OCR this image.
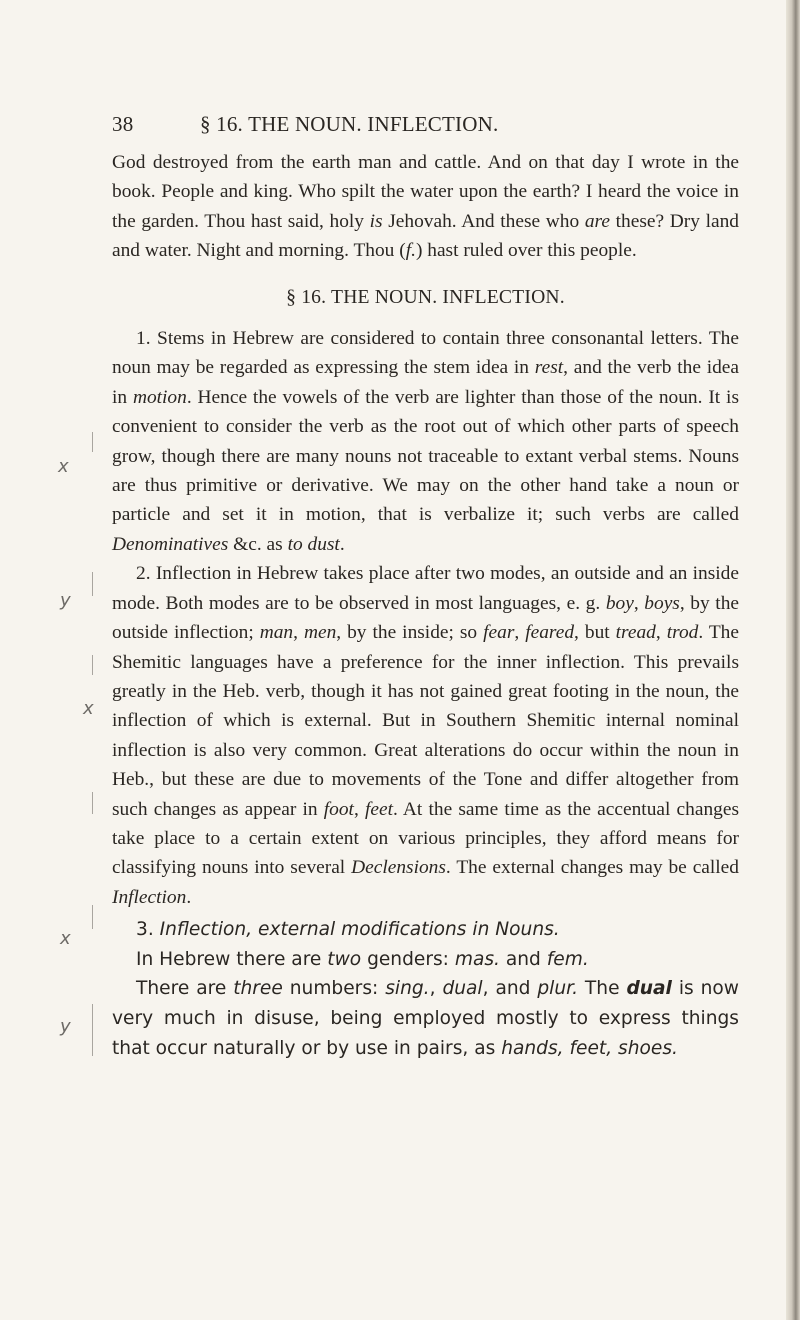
38	§ 16. THE NOUN. INFLECTION.

God destroyed from the earth man and cattle. And on that day I wrote in the book. People and king. Who spilt the water upon the earth? I heard the voice in the garden. Thou hast said, holy is Jehovah. And these who are these? Dry land and water. Night and morning. Thou (f.) hast ruled over this people.

§ 16. THE NOUN. INFLECTION.

1. Stems in Hebrew are considered to contain three consonantal letters. The noun may be regarded as expressing the stem idea in rest, and the verb the idea in motion. Hence the vowels of the verb are lighter than those of the noun. It is convenient to consider the verb as the root out of which other parts of speech grow, though there are many nouns not traceable to extant verbal stems. Nouns are thus primitive or derivative. We may on the other hand take a noun or particle and set it in motion, that is verbalize it; such verbs are called Denominatives &c. as to dust.

2. Inflection in Hebrew takes place after two modes, an outside and an inside mode. Both modes are to be observed in most languages, e. g. boy, boys, by the outside inflection; man, men, by the inside; so fear, feared, but tread, trod. The Shemitic languages have a preference for the inner inflection. This prevails greatly in the Heb. verb, though it has not gained great footing in the noun, the inflection of which is external. But in Southern Shemitic internal nominal inflection is also very common. Great alterations do occur within the noun in Heb., but these are due to movements of the Tone and differ altogether from such changes as appear in foot, feet. At the same time as the accentual changes take place to a certain extent on various principles, they afford means for classifying nouns into several Declensions. The external changes may be called Inflection.

3. Inflection, external modifications in Nouns.

In Hebrew there are two genders: mas. and fem.

There are three numbers: sing., dual, and plur. The dual is now very much in disuse, being employed mostly to express things that occur naturally or by use in pairs, as hands, feet, shoes.

x
y
x
x
y
